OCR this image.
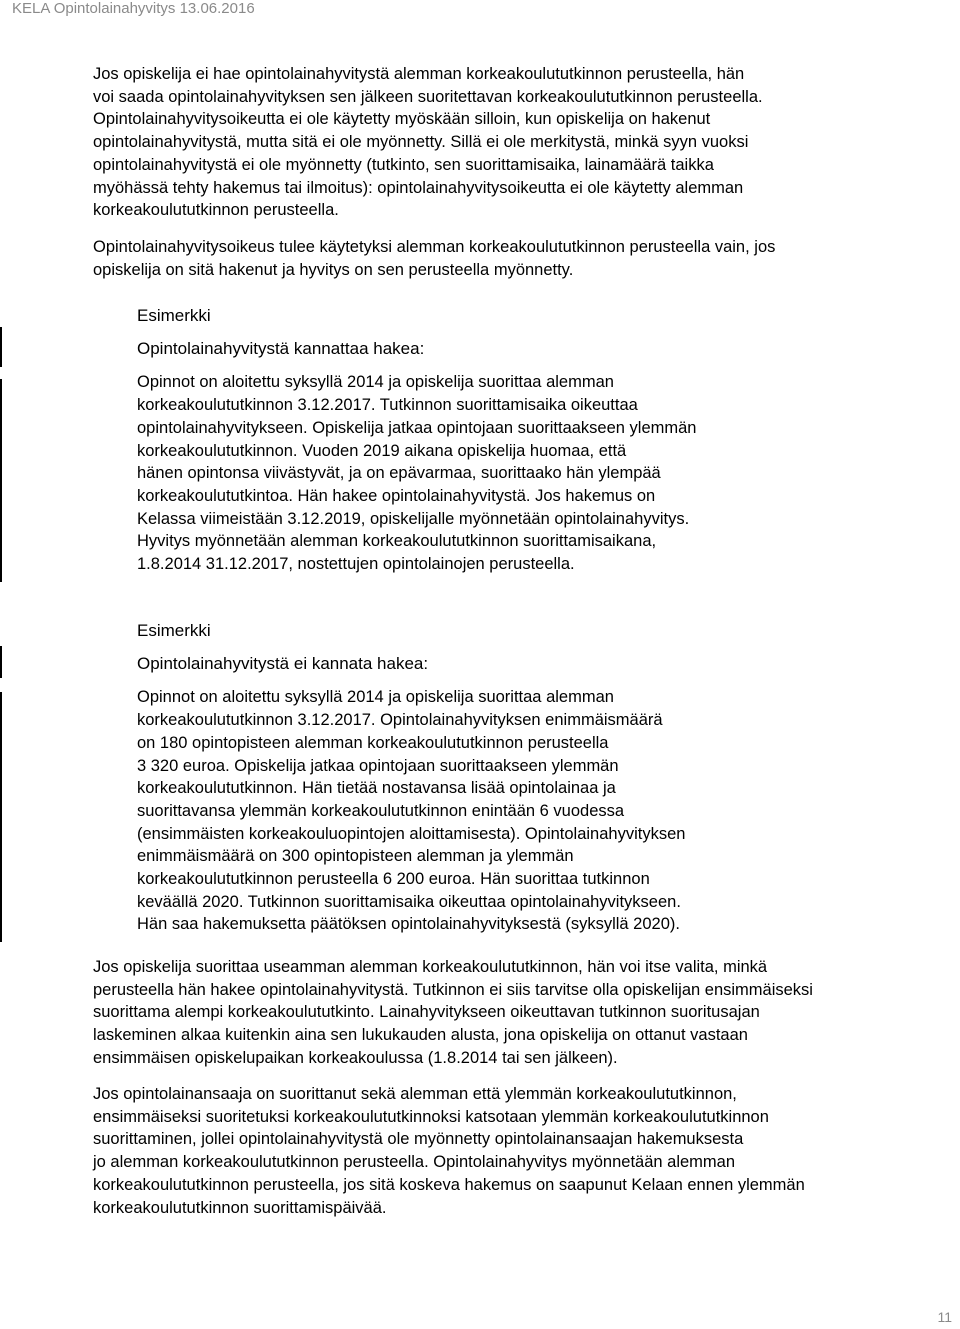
KELA Opintolainahyvitys 13.06.2016
Jos opiskelija ei hae opintolainahyvitystä alemman korkeakoulututkinnon perusteella, hän
voi saada opintolainahyvityksen sen jälkeen suoritettavan korkeakoulututkinnon perusteella.
Opintolainahyvitysoikeutta ei ole käytetty myöskään silloin, kun opiskelija on hakenut
opintolainahyvitystä, mutta sitä ei ole myönnetty. Sillä ei ole merkitystä, minkä syyn vuoksi
opintolainahyvitystä ei ole myönnetty (tutkinto, sen suorittamisaika, lainamäärä taikka
myöhässä tehty hakemus tai ilmoitus): opintolainahyvitysoikeutta ei ole käytetty alemman
korkeakoulututkinnon perusteella.
Opintolainahyvitysoikeus tulee käytetyksi alemman korkeakoulututkinnon perusteella vain, jos
opiskelija on sitä hakenut ja hyvitys on sen perusteella myönnetty.
Esimerkki
Opintolainahyvitystä kannattaa hakea:
Opinnot on aloitettu syksyllä 2014 ja opiskelija suorittaa alemman
korkeakoulututkinnon 3.12.2017. Tutkinnon suorittamisaika oikeuttaa
opintolainahyvitykseen. Opiskelija jatkaa opintojaan suorittaakseen ylemmän
korkeakoulututkinnon. Vuoden 2019 aikana opiskelija huomaa, että
hänen opintonsa viivästyvät, ja on epävarmaa, suorittaako hän ylempää
korkeakoulututkintoa. Hän hakee opintolainahyvitystä. Jos hakemus on
Kelassa viimeistään 3.12.2019, opiskelijalle myönnetään opintolainahyvitys.
Hyvitys myönnetään alemman korkeakoulututkinnon suorittamisaikana,
1.8.2014 31.12.2017, nostettujen opintolainojen perusteella.
Esimerkki
Opintolainahyvitystä ei kannata hakea:
Opinnot on aloitettu syksyllä 2014 ja opiskelija suorittaa alemman
korkeakoulututkinnon 3.12.2017. Opintolainahyvityksen enimmäismäärä
on 180 opintopisteen alemman korkeakoulututkinnon perusteella
3 320 euroa. Opiskelija jatkaa opintojaan suorittaakseen ylemmän
korkeakoulututkinnon. Hän tietää nostavansa lisää opintolainaa ja
suorittavansa ylemmän korkeakoulututkinnon enintään 6 vuodessa
(ensimmäisten korkeakouluopintojen aloittamisesta). Opintolainahyvityksen
enimmäismäärä on 300 opintopisteen alemman ja ylemmän
korkeakoulututkinnon perusteella 6 200 euroa. Hän suorittaa tutkinnon
keväällä 2020. Tutkinnon suorittamisaika oikeuttaa opintolainahyvitykseen.
Hän saa hakemuksetta päätöksen opintolainahyvityksestä (syksyllä 2020).
Jos opiskelija suorittaa useamman alemman korkeakoulututkinnon, hän voi itse valita, minkä
perusteella hän hakee opintolainahyvitystä. Tutkinnon ei siis tarvitse olla opiskelijan ensimmäiseksi
suorittama alempi korkeakoulututkinto. Lainahyvitykseen oikeuttavan tutkinnon suoritusajan
laskeminen alkaa kuitenkin aina sen lukukauden alusta, jona opiskelija on ottanut vastaan
ensimmäisen opiskelupaikan korkeakoulussa (1.8.2014 tai sen jälkeen).
Jos opintolainansaaja on suorittanut sekä alemman että ylemmän korkeakoulututkinnon,
ensimmäiseksi suoritetuksi korkeakoulututkinnoksi katsotaan ylemmän korkeakoulututkinnon
suorittaminen, jollei opintolainahyvitystä ole myönnetty opintolainansaajan hakemuksesta
jo alemman korkeakoulututkinnon perusteella. Opintolainahyvitys myönnetään alemman
korkeakoulututkinnon perusteella, jos sitä koskeva hakemus on saapunut Kelaan ennen ylemmän
korkeakoulututkinnon suorittamispäivää.
11
